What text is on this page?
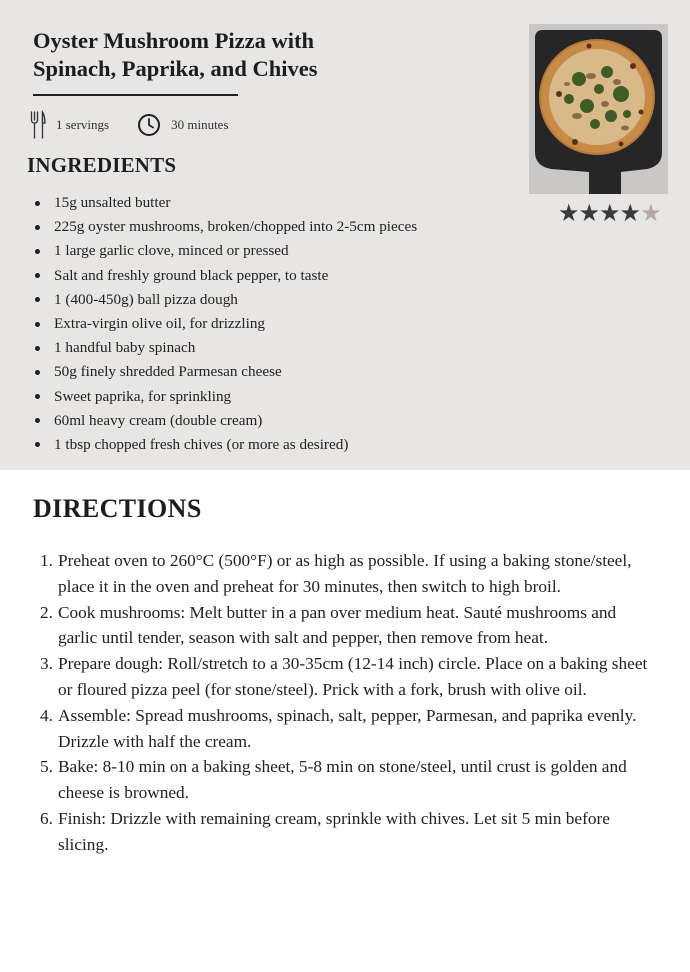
Oyster Mushroom Pizza with
Spinach, Paprika, and Chives
1 servings	30 minutes
INGREDIENTS
15g unsalted butter
225g oyster mushrooms, broken/chopped into 2-5cm pieces
1 large garlic clove, minced or pressed
Salt and freshly ground black pepper, to taste
1 (400-450g) ball pizza dough
Extra-virgin olive oil, for drizzling
1 handful baby spinach
50g finely shredded Parmesan cheese
Sweet paprika, for sprinkling
60ml heavy cream (double cream)
1 tbsp chopped fresh chives (or more as desired)
★ ★ ★ ★ ★
DIRECTIONS
1. Preheat oven to 260°C (500°F) or as high as possible. If using a baking stone/steel, place it in the oven and preheat for 30 minutes, then switch to high broil.
2. Cook mushrooms: Melt butter in a pan over medium heat. Sauté mushrooms and garlic until tender, season with salt and pepper, then remove from heat.
3. Prepare dough: Roll/stretch to a 30-35cm (12-14 inch) circle. Place on a baking sheet or floured pizza peel (for stone/steel). Prick with a fork, brush with olive oil.
4. Assemble: Spread mushrooms, spinach, salt, pepper, Parmesan, and paprika evenly. Drizzle with half the cream.
5. Bake: 8-10 min on a baking sheet, 5-8 min on stone/steel, until crust is golden and cheese is browned.
6. Finish: Drizzle with remaining cream, sprinkle with chives. Let sit 5 min before slicing.
